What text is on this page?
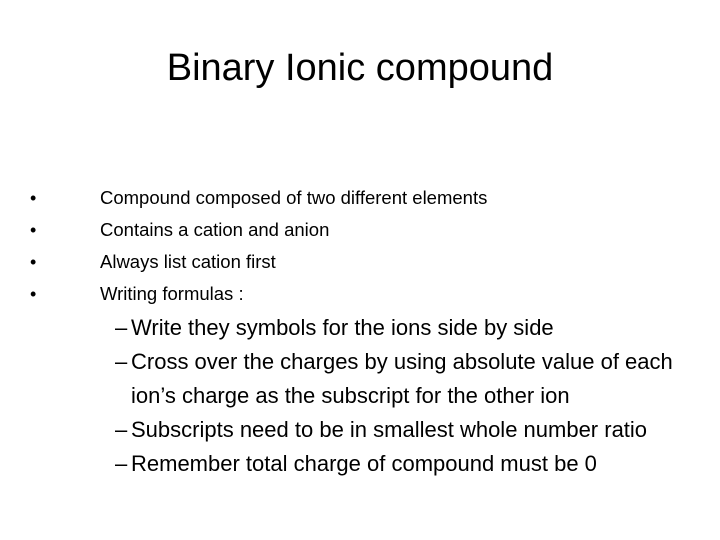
Binary Ionic compound
•	Compound composed of two different elements
•	Contains a cation and anion
•	Always list cation first
•	Writing formulas :
– Write they symbols for the ions side by side
– Cross over the charges by using absolute value of each ion’s charge as the subscript for the other ion
– Subscripts need to be in smallest whole number ratio
– Remember total charge of compound must be 0
